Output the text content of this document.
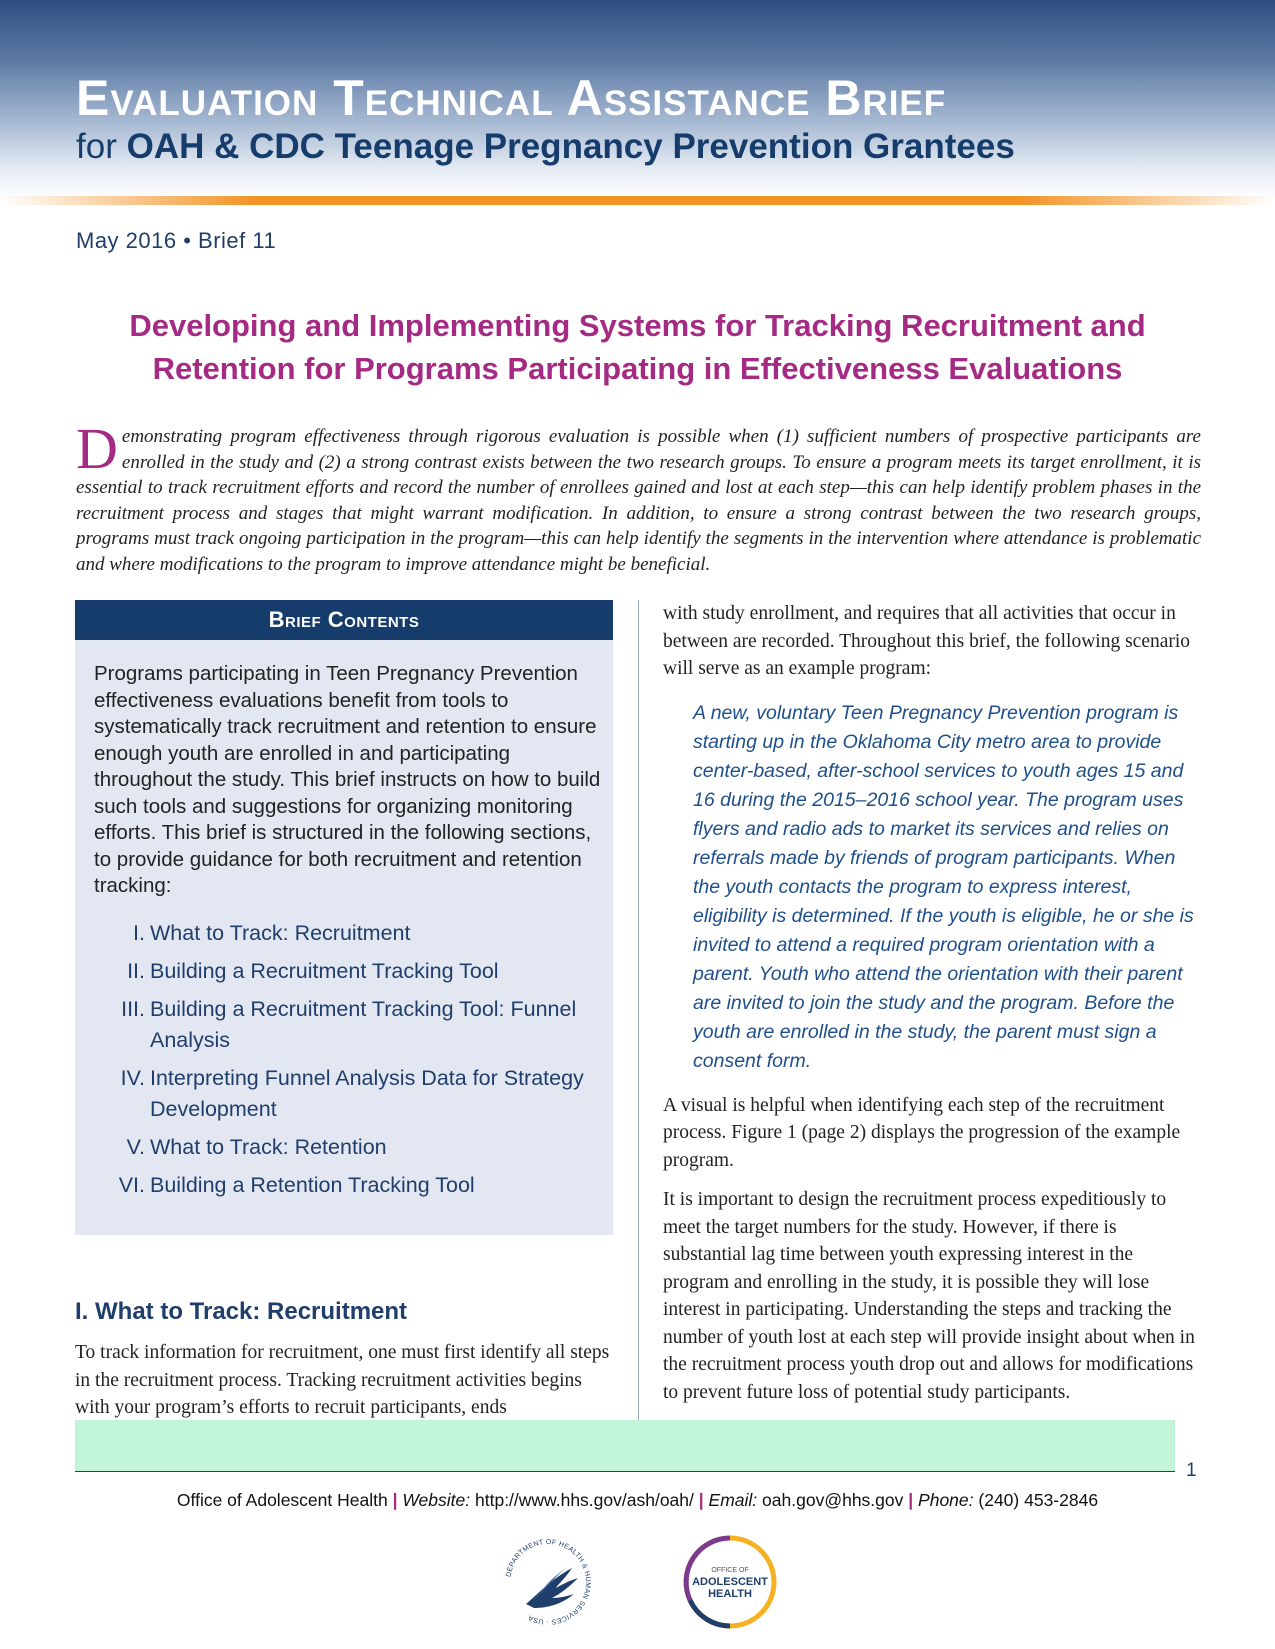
Evaluation Technical Assistance Brief
for OAH & CDC Teenage Pregnancy Prevention Grantees
May 2016 • Brief 11
Developing and Implementing Systems for Tracking Recruitment and
Retention for Programs Participating in Effectiveness Evaluations
Demonstrating program effectiveness through rigorous evaluation is possible when (1) sufficient numbers of prospective participants are enrolled in the study and (2) a strong contrast exists between the two research groups. To ensure a program meets its target enrollment, it is essential to track recruitment efforts and record the number of enrollees gained and lost at each step—this can help identify problem phases in the recruitment process and stages that might warrant modification. In addition, to ensure a strong contrast between the two research groups, programs must track ongoing participation in the program—this can help identify the segments in the intervention where attendance is problematic and where modifications to the program to improve attendance might be beneficial.
Brief Contents
Programs participating in Teen Pregnancy Prevention effectiveness evaluations benefit from tools to systematically track recruitment and retention to ensure enough youth are enrolled in and participating throughout the study. This brief instructs on how to build such tools and suggestions for organizing monitoring efforts. This brief is structured in the following sections, to provide guidance for both recruitment and retention tracking:
I. What to Track: Recruitment
II. Building a Recruitment Tracking Tool
III. Building a Recruitment Tracking Tool: Funnel Analysis
IV. Interpreting Funnel Analysis Data for Strategy Development
V. What to Track: Retention
VI. Building a Retention Tracking Tool
I. What to Track: Recruitment
To track information for recruitment, one must first identify all steps in the recruitment process. Tracking recruitment activities begins with your program’s efforts to recruit participants, ends

with study enrollment, and requires that all activities that occur in between are recorded. Throughout this brief, the following scenario will serve as an example program:

A new, voluntary Teen Pregnancy Prevention program is starting up in the Oklahoma City metro area to provide center-based, after-school services to youth ages 15 and 16 during the 2015–2016 school year. The program uses flyers and radio ads to market its services and relies on referrals made by friends of program participants. When the youth contacts the program to express interest, eligibility is determined. If the youth is eligible, he or she is invited to attend a required program orientation with a parent. Youth who attend the orientation with their parent are invited to join the study and the program. Before the youth are enrolled in the study, the parent must sign a consent form.

A visual is helpful when identifying each step of the recruitment process. Figure 1 (page 2) displays the progression of the example program.

It is important to design the recruitment process expeditiously to meet the target numbers for the study. However, if there is substantial lag time between youth expressing interest in the program and enrolling in the study, it is possible they will lose interest in participating. Understanding the steps and tracking the number of youth lost at each step will provide insight about when in the recruitment process youth drop out and allows for modifications to prevent future loss of potential study participants.

1
Office of Adolescent Health | Website: http://www.hhs.gov/ash/oah/ | Email: oah.gov@hhs.gov | Phone: (240) 453-2846
DEPARTMENT OF HEALTH & HUMAN SERVICES · USA
OFFICE OF
ADOLESCENT
HEALTH
